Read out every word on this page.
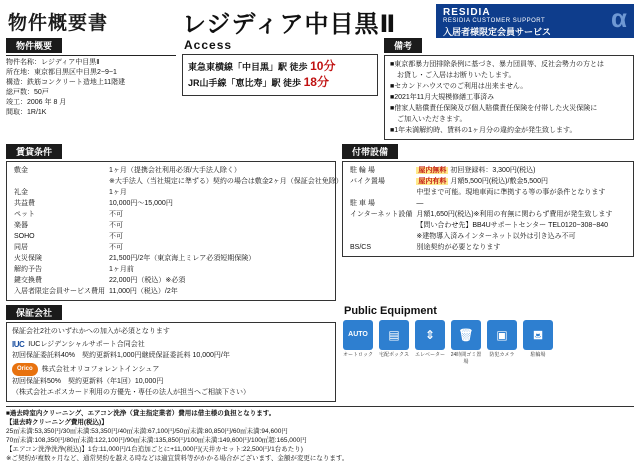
物件概要書	レジディア中目黒Ⅱ	α
RESIDIA
RESIDIA CUSTOMER SUPPORT
入居者様限定会員サービス
物件概要
物件名称：レジディア中目黒Ⅱ
所在地：東京都目黒区中目黒2−9−1
構造：鉄筋コンクリート造地上11階建
総戸数：50戸
竣工：2006 年 8 月
間取：1R/1K
Access
東急東横線「中目黒」駅 徒歩 10分
JR山手線「恵比寿」駅 徒歩 18分
備考
■東京都暴力団排除条例に基づき、暴力団員等、反社会勢力の方とは
　お貸し・ご入居はお断りいたします。
■セカンドハウスでのご利用は出来ません。
■2021年11月大規模修繕工事済み
■借家人賠償責任保険及び個人賠償責任保険を付帯した火災保険に
　ご加入いただきます。
■1年未満解約時、賃料の1ヶ月分の違約金が発生致します。
賃貸条件
敷金	1ヶ月（提携会社利用必須/大手法人除く）
	※大手法人（当社規定に準ずる）契約の場合は敷金2ヶ月（保証会社免除）
礼金	1ヶ月
共益費	10,000円～15,000円
ペット	不可
楽器	不可
SOHO	不可
同居	不可
火災保険	21,500円/2年（東京海上ミレア必須短期保険）
解約予告	1ヶ月前
鍵交換費	22,000円（税込）※必須
入居者限定会員サービス費用	11,000円（税込）/2年
付帯設備
駐 輪 場	屋内無料 初回登録料：3,300円(税込)
バイク置場	屋内有料 月額5,500円(税込)/敷金5,500円
	中型まで可能。現地車両に準拠する等の事が条件となります
駐 車 場	―
インターネット設備	月額1,650円(税込)※利用の有無に関わらず費用が発生致します
	【問い合わせ先】BB4Uサポートセンター TEL0120−308−840
	※建物導入済みインターネット以外は引き込み不可
BS/CS	別途契約が必要となります
保証会社
保証会社2社のいずれかへの加入が必須となります
IUC IUCレジデンシャルサポート合同会社
初回保証委託料40%　契約更新料1,000円継続保証委託料 10,000円/年
Orico	株式会社オリコフォレントインシュア
初回保証料50%　契約更新料（年1回）10,000円
（株式会社エポスカード利用の方優先・専任の法人が担当へご相談下さい）
Public Equipment
AUTO
オートロック
▤
宅配ボックス
⇕
エレベーター
🗑
24時間ゴミ置場
▣
防犯カメラ
⛾
駐輪場
■過去時室内クリーニング、エアコン洗浄（貸主指定業者）費用は借主様の負担となります。
【退去時クリーニング費用(税込)】
25㎡未満:53,350円/30㎡未満:53,350円/40㎡未満:67,100円/50㎡未満:80,850円/60㎡未満:94,600円
70㎡未満:108,350円/80㎡未満:122,100円/90㎡未満:135,850円/100㎡未満:149,600円/100㎡超:165,000円
【エアコン洗浄洗浄(税込)】1台:11,000円/1台追加ごとに+11,000円(天井カセット:22,500円/1台あたり)
※ご契約が複数ヶ月など、通常契約を越える時などは適宜賃料等がかかる場合がございます、金額が変更になります。
